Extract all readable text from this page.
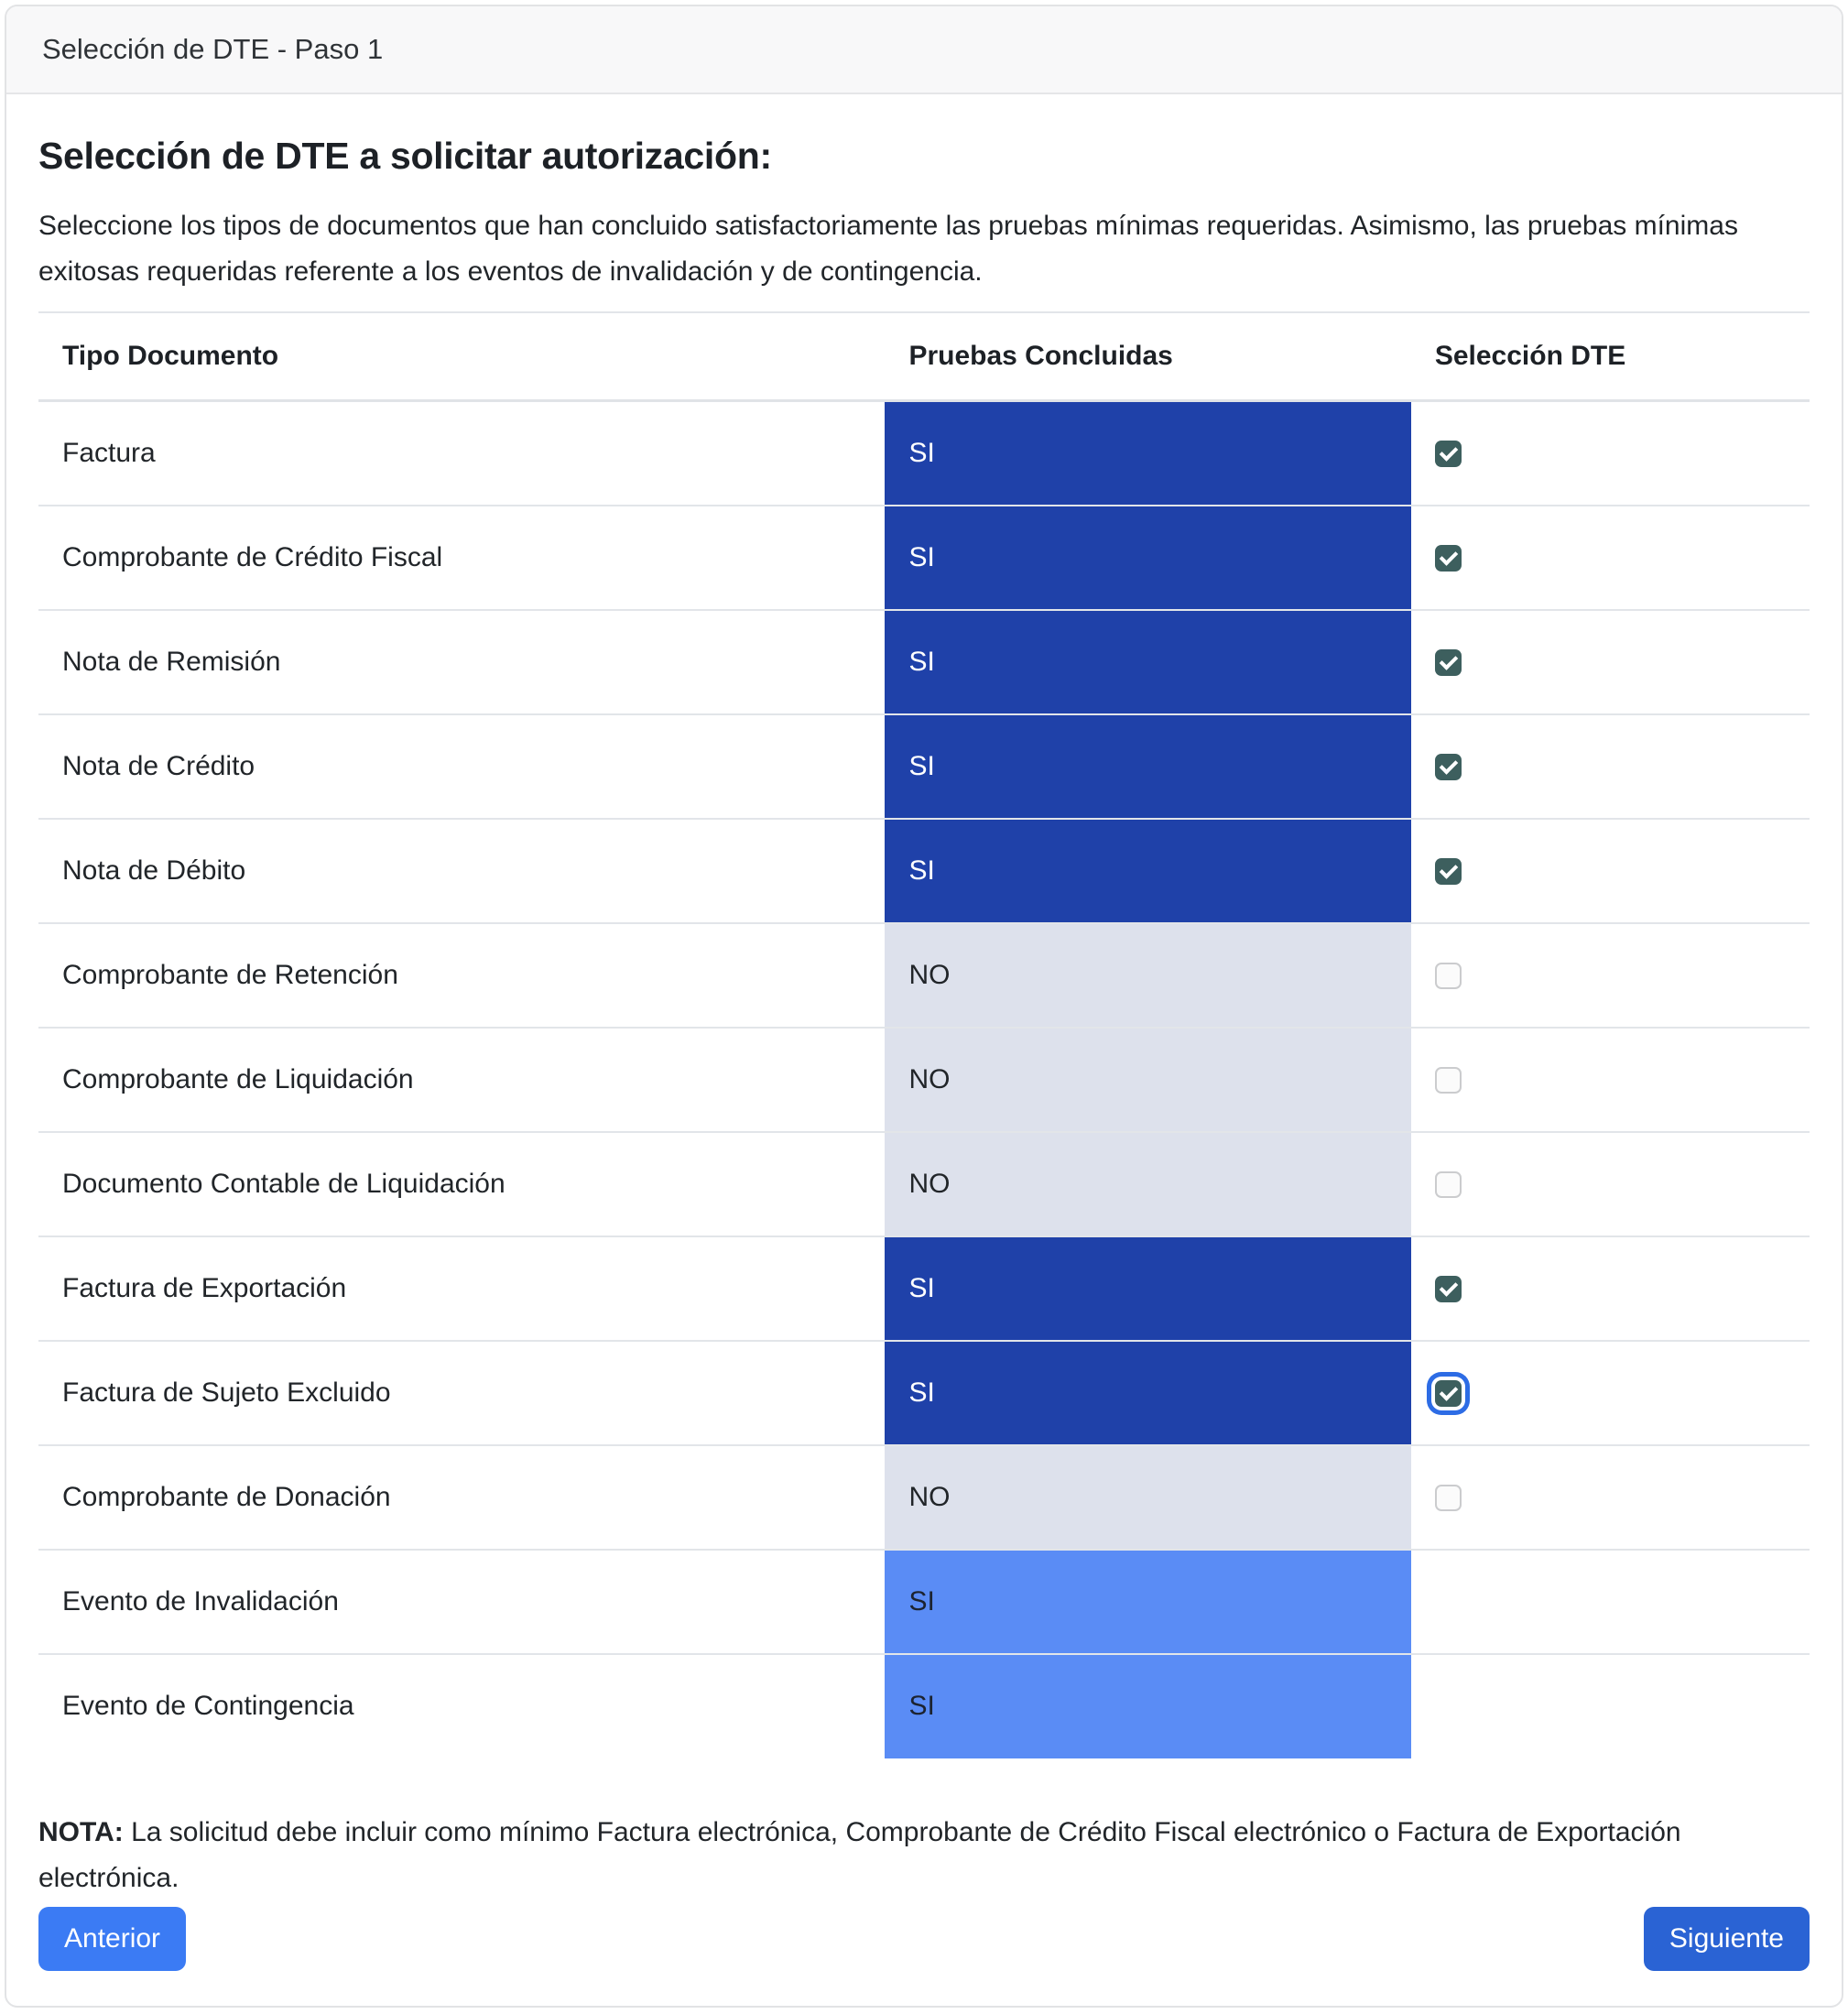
Selección de DTE - Paso 1
Selección de DTE a solicitar autorización:

Seleccione los tipos de documentos que han concluido satisfactoriamente las pruebas mínimas requeridas. Asimismo, las pruebas mínimas exitosas requeridas referente a los eventos de invalidación y de contingencia.

Tipo Documento	Pruebas Concluidas	Selección DTE
Factura	SI	
Comprobante de Crédito Fiscal	SI	
Nota de Remisión	SI	
Nota de Crédito	SI	
Nota de Débito	SI	
Comprobante de Retención	NO	
Comprobante de Liquidación	NO	
Documento Contable de Liquidación	NO	
Factura de Exportación	SI	
Factura de Sujeto Excluido	SI	
Comprobante de Donación	NO	
Evento de Invalidación	SI	
Evento de Contingencia	SI	

NOTA: La solicitud debe incluir como mínimo Factura electrónica, Comprobante de Crédito Fiscal electrónico o Factura de Exportación electrónica.

Anterior	Siguiente
